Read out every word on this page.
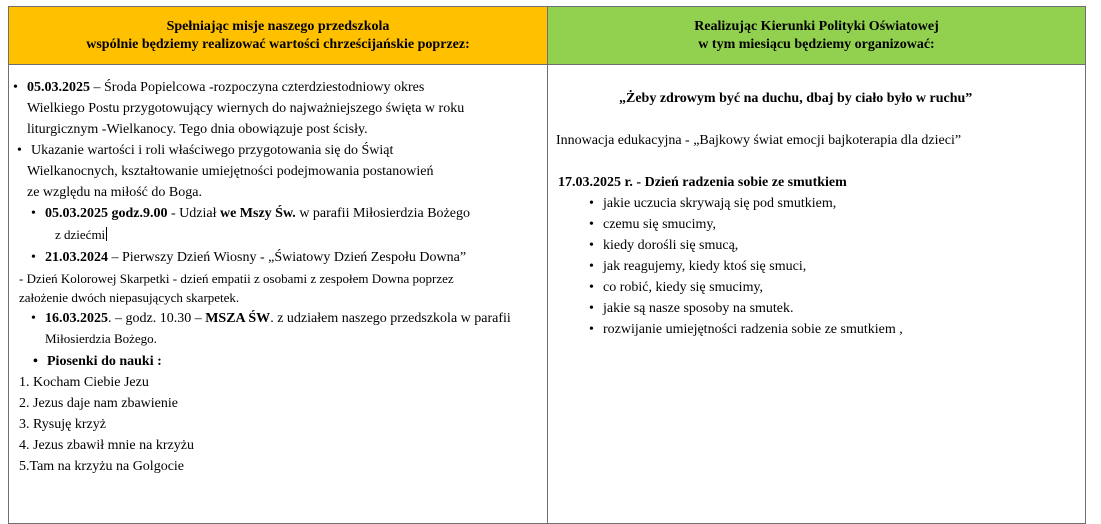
Spełniając misje naszego przedszkola
wspólnie będziemy realizować wartości chrześcijańskie poprzez:
Realizując Kierunki Polityki Oświatowej
w tym miesiącu będziemy organizować:
• 05.03.2025 – Środa Popielcowa -rozpoczyna czterdziestodniowy okres
Wielkiego Postu przygotowujący wiernych do najważniejszego święta w roku
liturgicznym -Wielkanocy. Tego dnia obowiązuje post ścisły.
• Ukazanie wartości i roli właściwego przygotowania się do Świąt
Wielkanocnych, kształtowanie umiejętności podejmowania postanowień
ze względu na miłość do Boga.
• 05.03.2025 godz.9.00 - Udział we Mszy Św. w parafii Miłosierdzia Bożego
z dziećmi
• 21.03.2024 – Pierwszy Dzień Wiosny - „Światowy Dzień Zespołu Downa”
- Dzień Kolorowej Skarpetki - dzień empatii z osobami z zespołem Downa poprzez
założenie dwóch niepasujących skarpetek.
• 16.03.2025. – godz. 10.30 – MSZA ŚW. z udziałem naszego przedszkola w parafii
Miłosierdzia Bożego.
• Piosenki do nauki :
1. Kocham Ciebie Jezu
2. Jezus daje nam zbawienie
3. Rysuję krzyż
4. Jezus zbawił mnie na krzyżu
5.Tam na krzyżu na Golgocie
„Żeby zdrowym być na duchu, dbaj by ciało było w ruchu”
Innowacja edukacyjna - „Bajkowy świat emocji bajkoterapia dla dzieci”
17.03.2025 r. - Dzień radzenia sobie ze smutkiem
• jakie uczucia skrywają się pod smutkiem,
• czemu się smucimy,
• kiedy dorośli się smucą,
• jak reagujemy, kiedy ktoś się smuci,
• co robić, kiedy się smucimy,
• jakie są nasze sposoby na smutek.
• rozwijanie umiejętności radzenia sobie ze smutkiem ,
